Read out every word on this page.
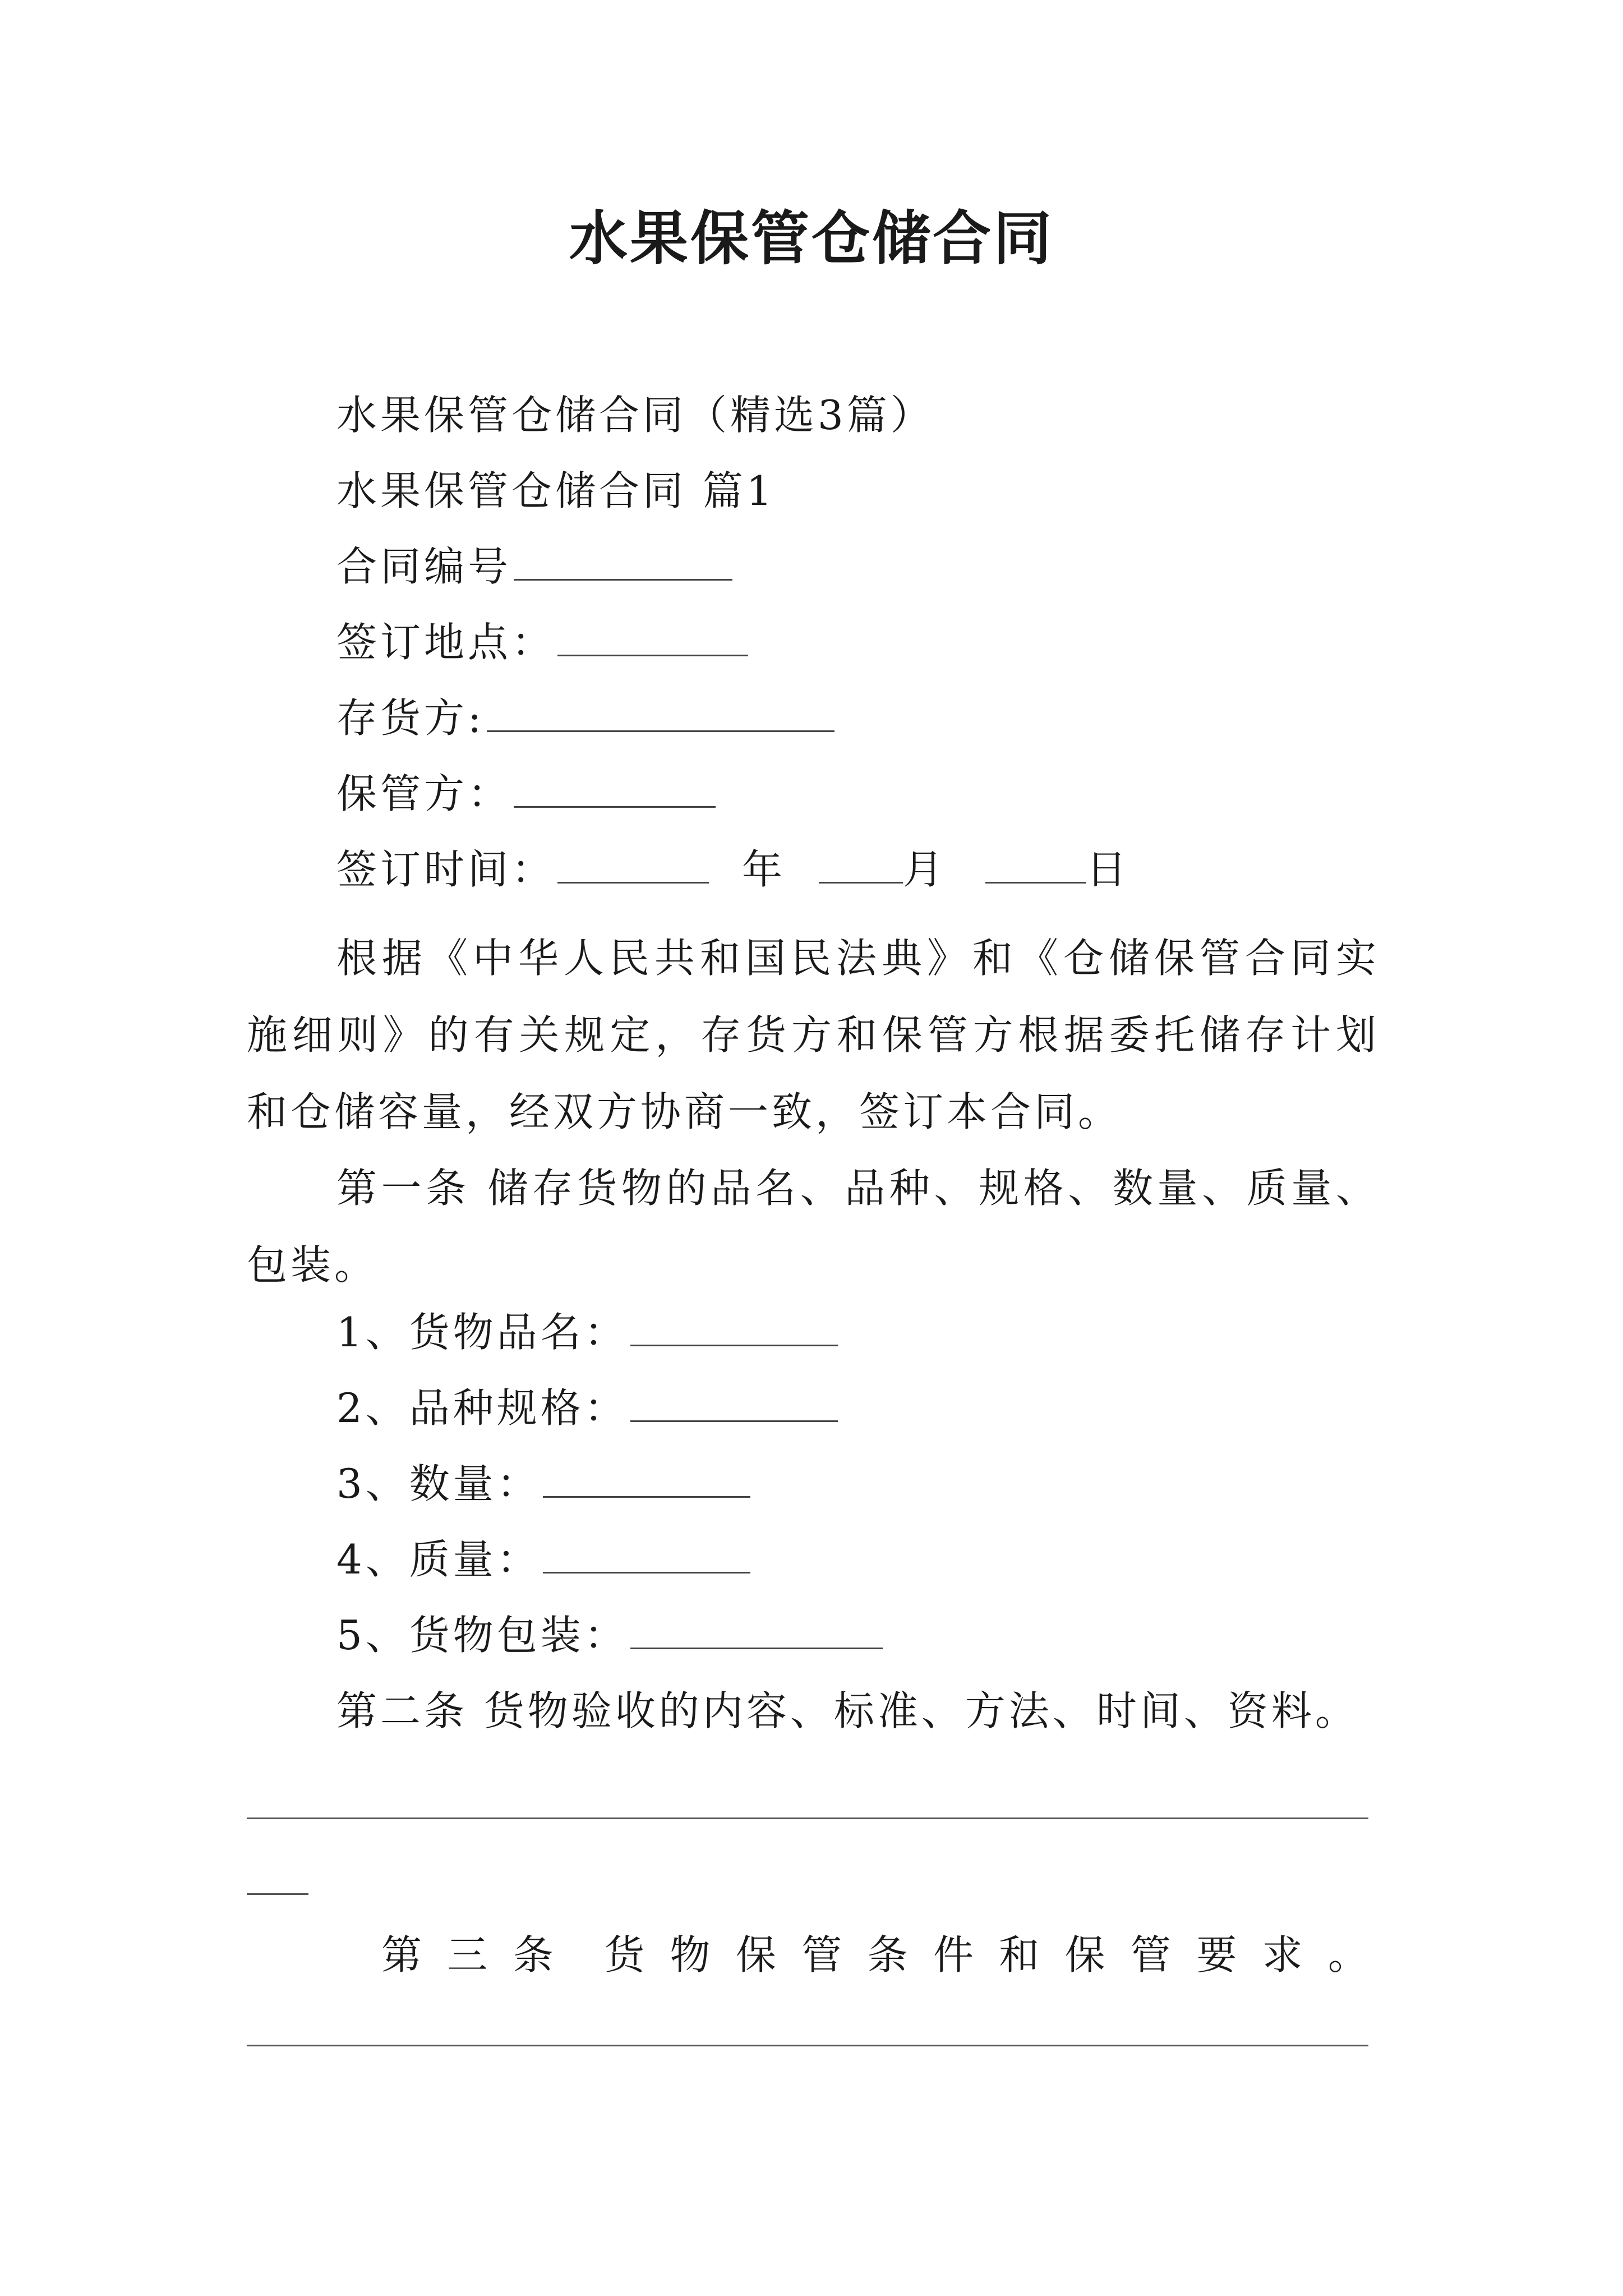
水果保管仓储合同
水果保管仓储合同（精选3篇）
水果保管仓储合同 篇1
合同编号
签订地点：
存货方:
保管方：
签订时间：	年	月	日
根据《中华人民共和国民法典》和《仓储保管合同实施细则》的有关规定，存货方和保管方根据委托储存计划和仓储容量，经双方协商一致，签订本合同。
第一条 储存货物的品名、品种、规格、数量、质量、包装。
1、货物品名：
2、品种规格：
3、数量：
4、质量：
5、货物包装：
第二条 货物验收的内容、标准、方法、时间、资料。
第 三 条 货 物 保 管 条 件 和 保 管 要 求 。
